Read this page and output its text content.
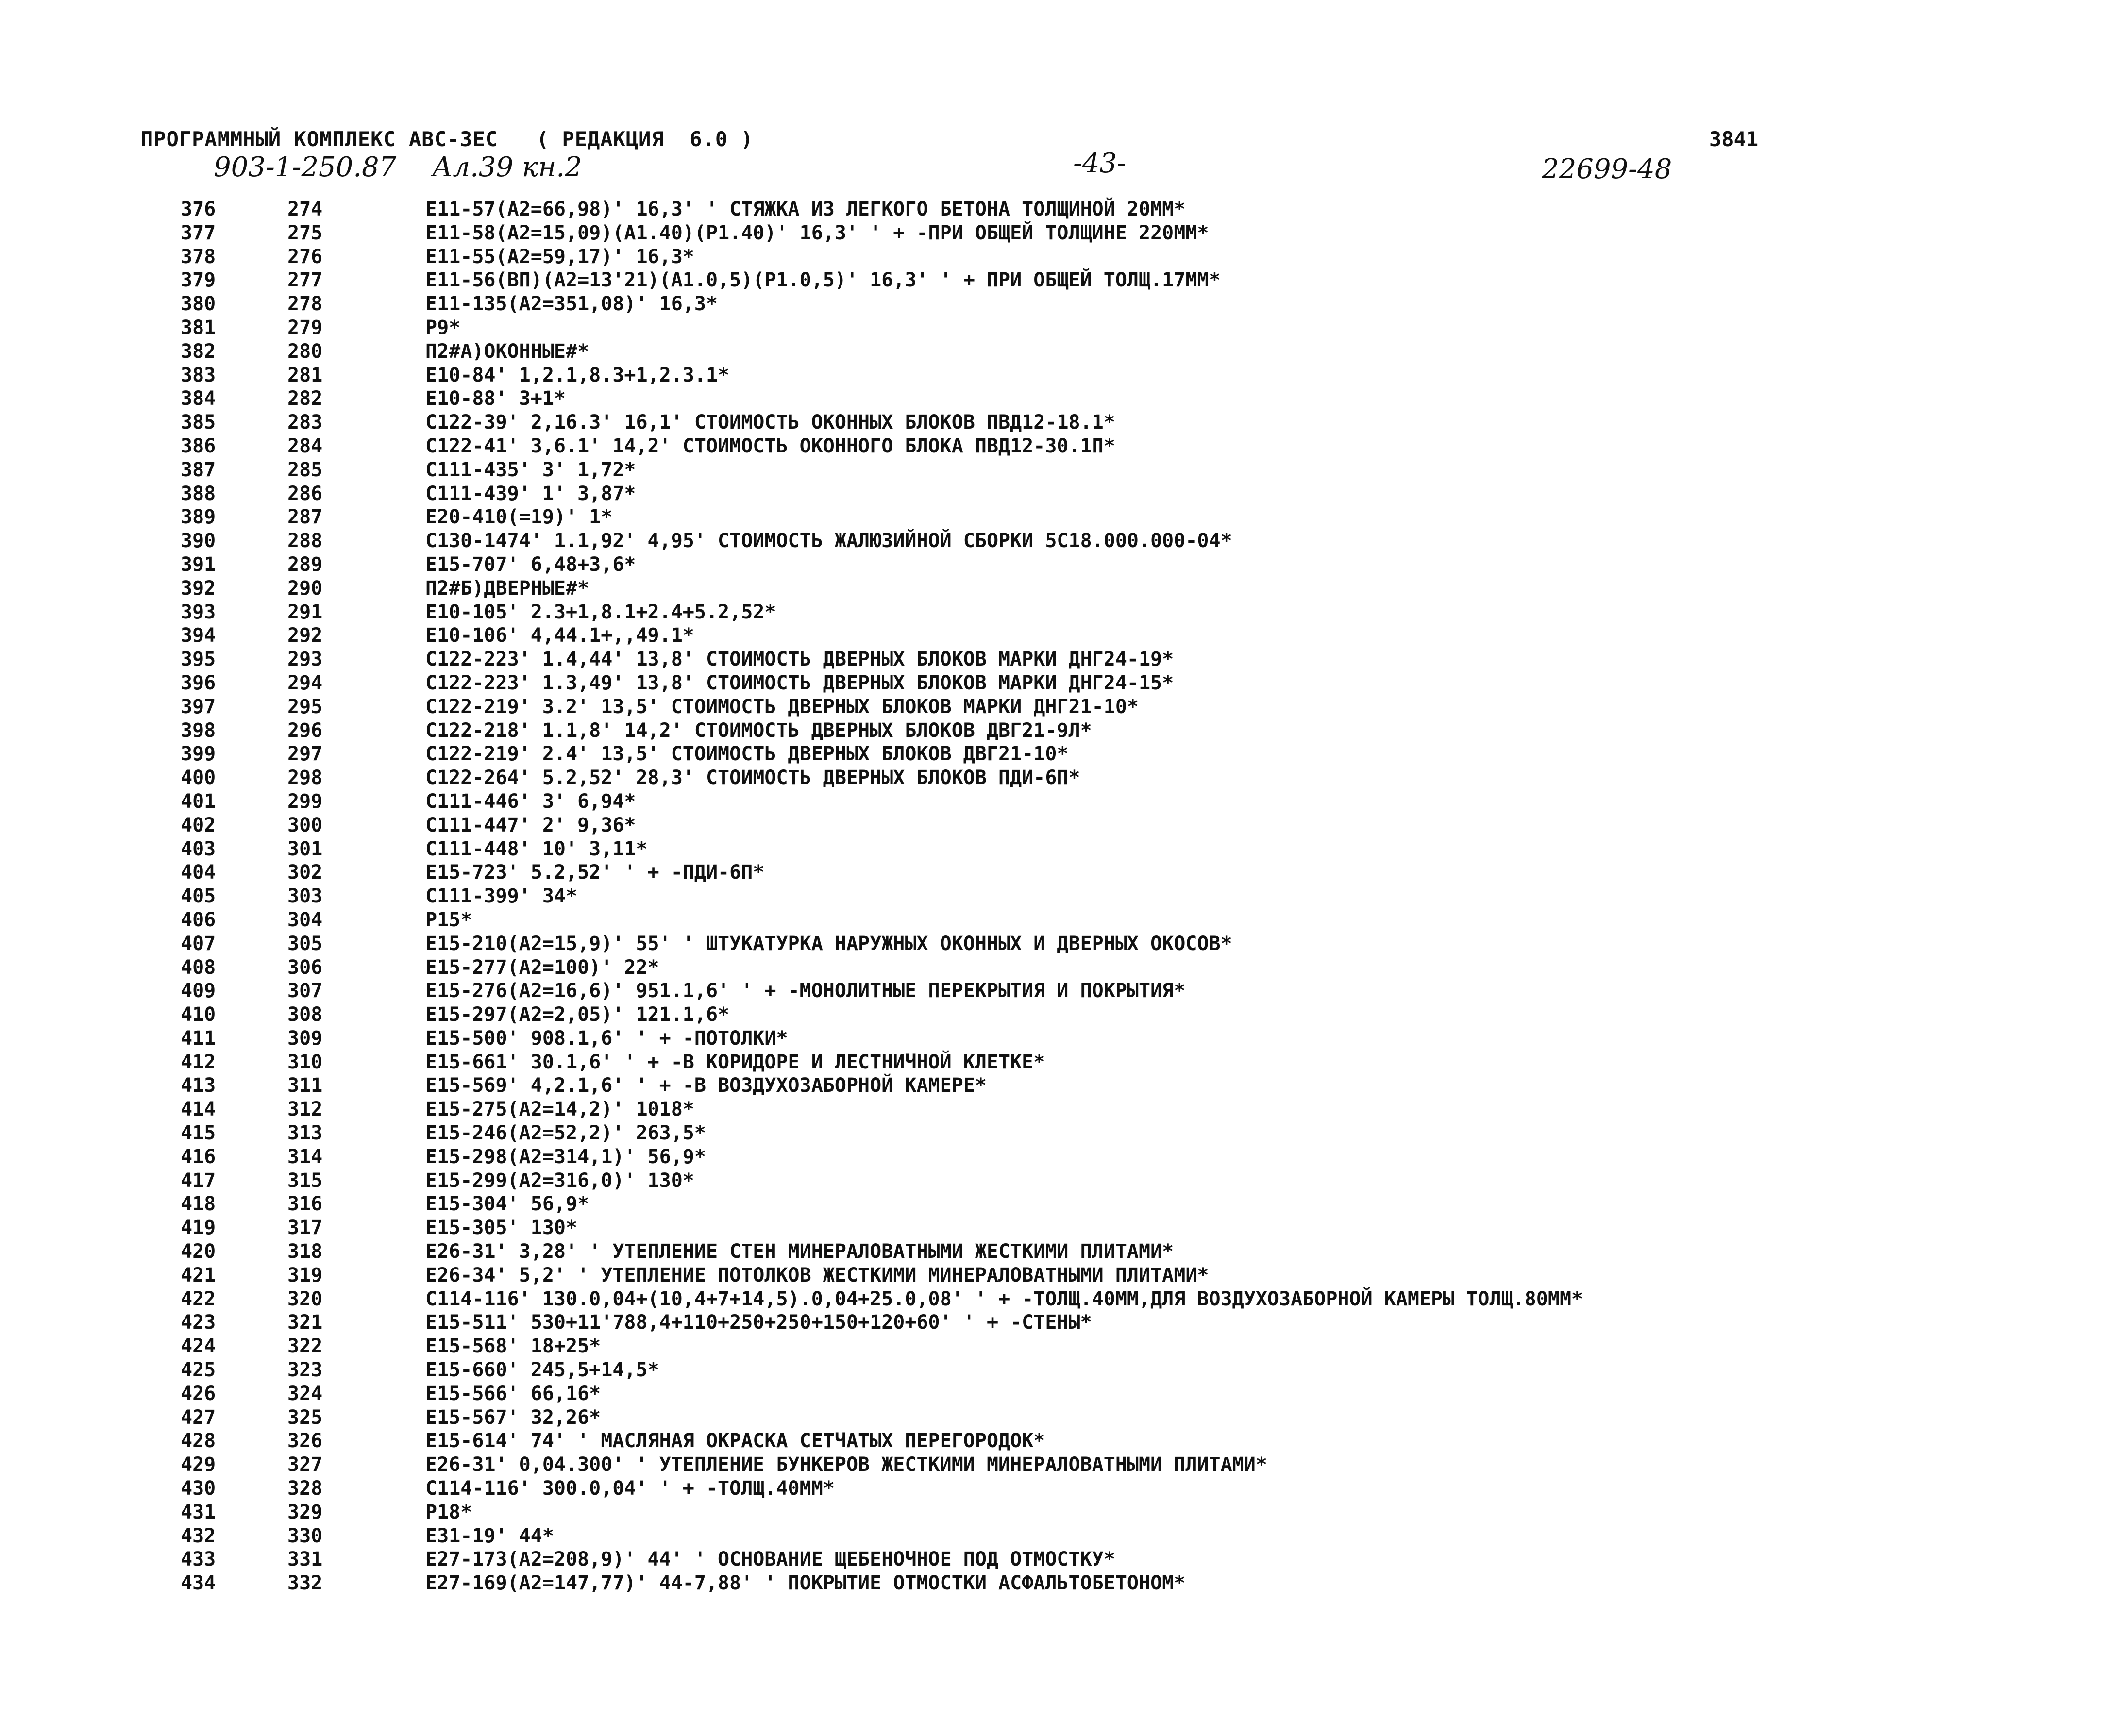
ПРОГРАММНЫЙ КОМПЛЕКС АВС-3ЕС   ( РЕДАКЦИЯ  6.0 )	3841
903-1-250.87 Ал.39 кн.2	-43-	22699-48
376	274	Е11-57(А2=66,98)' 16,3' ' СТЯЖКА ИЗ ЛЕГКОГО БЕТОНА ТОЛЩИНОЙ 20ММ*
377	275	Е11-58(А2=15,09)(А1.40)(Р1.40)' 16,3' ' + -ПРИ ОБЩЕЙ ТОЛЩИНЕ 220ММ*
378	276	Е11-55(А2=59,17)' 16,3*
379	277	Е11-56(ВП)(А2=13'21)(А1.0,5)(Р1.0,5)' 16,3' ' + ПРИ ОБЩЕЙ ТОЛЩ.17ММ*
380	278	Е11-135(А2=351,08)' 16,3*
381	279	Р9*
382	280	П2#А)ОКОННЫЕ#*
383	281	Е10-84' 1,2.1,8.3+1,2.3.1*
384	282	Е10-88' 3+1*
385	283	С122-39' 2,16.3' 16,1' СТОИМОСТЬ ОКОННЫХ БЛОКОВ ПВД12-18.1*
386	284	С122-41' 3,6.1' 14,2' СТОИМОСТЬ ОКОННОГО БЛОКА ПВД12-30.1П*
387	285	С111-435' 3' 1,72*
388	286	С111-439' 1' 3,87*
389	287	Е20-410(=19)' 1*
390	288	С130-1474' 1.1,92' 4,95' СТОИМОСТЬ ЖАЛЮЗИЙНОЙ СБОРКИ 5С18.000.000-04*
391	289	Е15-707' 6,48+3,6*
392	290	П2#Б)ДВЕРНЫЕ#*
393	291	Е10-105' 2.3+1,8.1+2.4+5.2,52*
394	292	Е10-106' 4,44.1+,,49.1*
395	293	С122-223' 1.4,44' 13,8' СТОИМОСТЬ ДВЕРНЫХ БЛОКОВ МАРКИ ДНГ24-19*
396	294	С122-223' 1.3,49' 13,8' СТОИМОСТЬ ДВЕРНЫХ БЛОКОВ МАРКИ ДНГ24-15*
397	295	С122-219' 3.2' 13,5' СТОИМОСТЬ ДВЕРНЫХ БЛОКОВ МАРКИ ДНГ21-10*
398	296	С122-218' 1.1,8' 14,2' СТОИМОСТЬ ДВЕРНЫХ БЛОКОВ ДВГ21-9Л*
399	297	С122-219' 2.4' 13,5' СТОИМОСТЬ ДВЕРНЫХ БЛОКОВ ДВГ21-10*
400	298	С122-264' 5.2,52' 28,3' СТОИМОСТЬ ДВЕРНЫХ БЛОКОВ ПДИ-6П*
401	299	С111-446' 3' 6,94*
402	300	С111-447' 2' 9,36*
403	301	С111-448' 10' 3,11*
404	302	Е15-723' 5.2,52' ' + -ПДИ-6П*
405	303	С111-399' 34*
406	304	Р15*
407	305	Е15-210(А2=15,9)' 55' ' ШТУКАТУРКА НАРУЖНЫХ ОКОННЫХ И ДВЕРНЫХ ОКОСОВ*
408	306	Е15-277(А2=100)' 22*
409	307	Е15-276(А2=16,6)' 951.1,6' ' + -МОНОЛИТНЫЕ ПЕРЕКРЫТИЯ И ПОКРЫТИЯ*
410	308	Е15-297(А2=2,05)' 121.1,6*
411	309	Е15-500' 908.1,6' ' + -ПОТОЛКИ*
412	310	Е15-661' 30.1,6' ' + -В КОРИДОРЕ И ЛЕСТНИЧНОЙ КЛЕТКЕ*
413	311	Е15-569' 4,2.1,6' ' + -В ВОЗДУХОЗАБОРНОЙ КАМЕРЕ*
414	312	Е15-275(А2=14,2)' 1018*
415	313	Е15-246(А2=52,2)' 263,5*
416	314	Е15-298(А2=314,1)' 56,9*
417	315	Е15-299(А2=316,0)' 130*
418	316	Е15-304' 56,9*
419	317	Е15-305' 130*
420	318	Е26-31' 3,28' ' УТЕПЛЕНИЕ СТЕН МИНЕРАЛОВАТНЫМИ ЖЕСТКИМИ ПЛИТАМИ*
421	319	Е26-34' 5,2' ' УТЕПЛЕНИЕ ПОТОЛКОВ ЖЕСТКИМИ МИНЕРАЛОВАТНЫМИ ПЛИТАМИ*
422	320	С114-116' 130.0,04+(10,4+7+14,5).0,04+25.0,08' ' + -ТОЛЩ.40ММ,ДЛЯ ВОЗДУХОЗАБОРНОЙ КАМЕРЫ ТОЛЩ.80ММ*
423	321	Е15-511' 530+11'788,4+110+250+250+150+120+60' ' + -СТЕНЫ*
424	322	Е15-568' 18+25*
425	323	Е15-660' 245,5+14,5*
426	324	Е15-566' 66,16*
427	325	Е15-567' 32,26*
428	326	Е15-614' 74' ' МАСЛЯНАЯ ОКРАСКА СЕТЧАТЫХ ПЕРЕГОРОДОК*
429	327	Е26-31' 0,04.300' ' УТЕПЛЕНИЕ БУНКЕРОВ ЖЕСТКИМИ МИНЕРАЛОВАТНЫМИ ПЛИТАМИ*
430	328	С114-116' 300.0,04' ' + -ТОЛЩ.40ММ*
431	329	Р18*
432	330	Е31-19' 44*
433	331	Е27-173(А2=208,9)' 44' ' ОСНОВАНИЕ ЩЕБЕНОЧНОЕ ПОД ОТМОСТКУ*
434	332	Е27-169(А2=147,77)' 44-7,88' ' ПОКРЫТИЕ ОТМОСТКИ АСФАЛЬТОБЕТОНОМ*
